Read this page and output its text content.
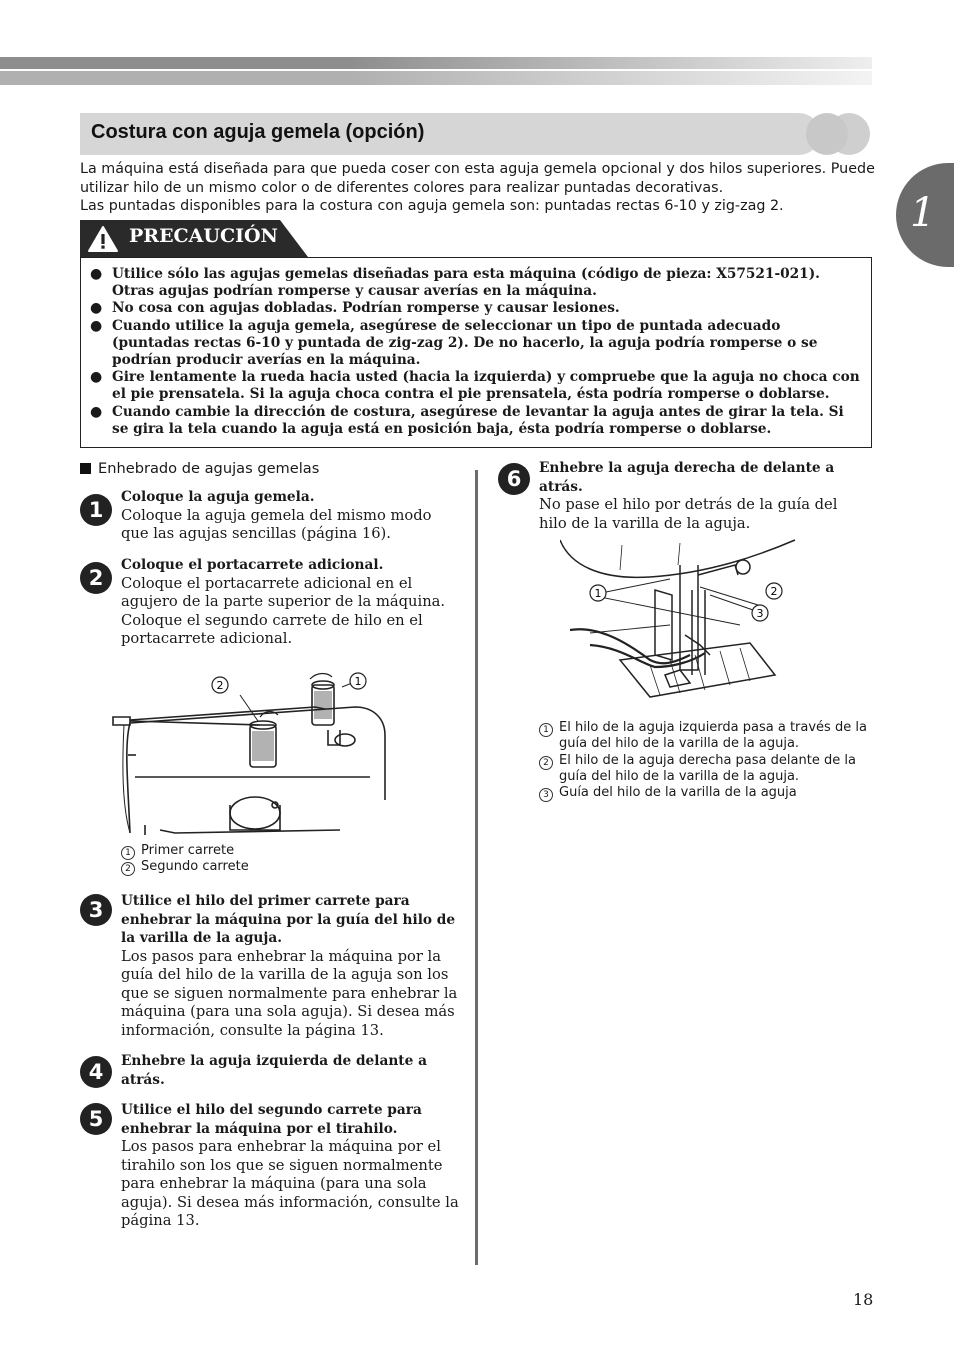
1
Costura con aguja gemela (opción)

La máquina está diseñada para que pueda coser con esta aguja gemela opcional y dos hilos superiores. Puede utilizar hilo de un mismo color o de diferentes colores para realizar puntadas decorativas.

Las puntadas disponibles para la costura con aguja gemela son: puntadas rectas 6-10 y zig-zag 2.

PRECAUCIÓN
● Utilice sólo las agujas gemelas diseñadas para esta máquina (código de pieza: X57521-021). Otras agujas podrían romperse y causar averías en la máquina.
● No cosa con agujas dobladas. Podrían romperse y causar lesiones.
● Cuando utilice la aguja gemela, asegúrese de seleccionar un tipo de puntada adecuado (puntadas rectas 6-10 y puntada de zig-zag 2). De no hacerlo, la aguja podría romperse o se podrían producir averías en la máquina.
● Gire lentamente la rueda hacia usted (hacia la izquierda) y compruebe que la aguja no choca con el pie prensatela. Si la aguja choca contra el pie prensatela, ésta podría romperse o doblarse.
● Cuando cambie la dirección de costura, asegúrese de levantar la aguja antes de girar la tela. Si se gira la tela cuando la aguja está en posición baja, ésta podría romperse o doblarse.
Enhebrado de agujas gemelas
1
Coloque la aguja gemela.
Coloque la aguja gemela del mismo modo que las agujas sencillas (página 16).
2
Coloque el portacarrete adicional.
Coloque el portacarrete adicional en el agujero de la parte superior de la máquina. Coloque el segundo carrete de hilo en el portacarrete adicional.
1
2
1 Primer carrete
2 Segundo carrete
3	Utilice el hilo del primer carrete para enhebrar la máquina por la guía del hilo de la varilla de la aguja.
Los pasos para enhebrar la máquina por la guía del hilo de la varilla de la aguja son los que se siguen normalmente para enhebrar la máquina (para una sola aguja). Si desea más información, consulte la página 13.
4	Enhebre la aguja izquierda de delante a atrás.
5	Utilice el hilo del segundo carrete para enhebrar la máquina por el tirahilo.
Los pasos para enhebrar la máquina por el tirahilo son los que se siguen normalmente para enhebrar la máquina (para una sola aguja). Si desea más información, consulte la página 13.
6	Enhebre la aguja derecha de delante a atrás.
No pase el hilo por detrás de la guía del hilo de la varilla de la aguja.
1	2
3
1 El hilo de la aguja izquierda pasa a través de la guía del hilo de la varilla de la aguja.
2 El hilo de la aguja derecha pasa delante de la guía del hilo de la varilla de la aguja.
3 Guía del hilo de la varilla de la aguja
18
